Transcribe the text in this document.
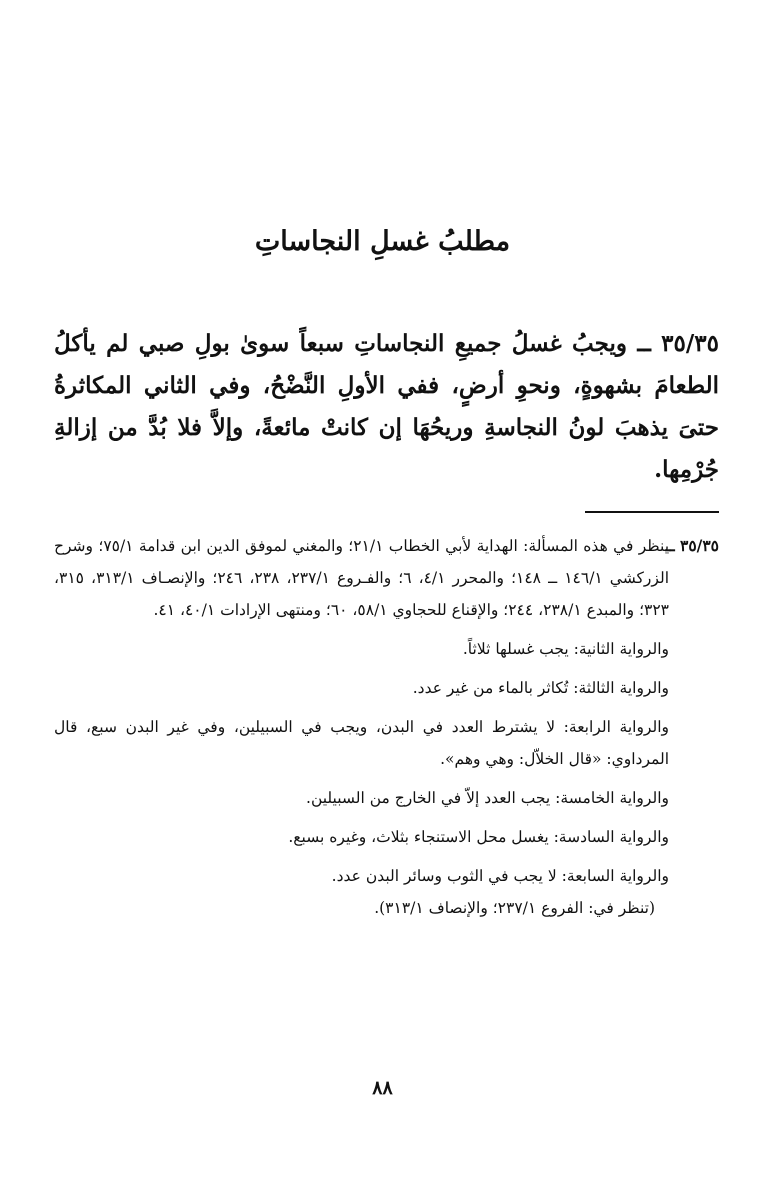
مطلبُ غسلِ النجاساتِ

٣٥/٣٥ ــ ويجبُ غسلُ جميعِ النجاساتِ سبعاً سوىٰ بولِ صبي لم يأكلُ الطعامَ بشهوةٍ، ونحوِ أرضٍ، ففي الأولِ النَّضْحُ، وفي الثاني المكاثرةُ حتىَ يذهبَ لونُ النجاسةِ وريحُهَا إن كانتْ مائعةً، وإلاَّ فلا بُدَّ من إزالةِ جُرْمِها.

٣٥/٣٥ ــ
ينظر في هذه المسألة: الهداية لأبي الخطاب ٢١/١؛ والمغني لموفق الدين ابن قدامة ٧٥/١؛ وشرح الزركشي ١٤٦/١ ــ ١٤٨؛ والمحرر ٤/١، ٦؛ والفـروع ٢٣٧/١، ٢٣٨، ٢٤٦؛ والإنصـاف ٣١٣/١، ٣١٥، ٣٢٣؛ والمبدع ٢٣٨/١، ٢٤٤؛ والإقناع للحجاوي ٥٨/١، ٦٠؛ ومنتهى الإرادات ٤٠/١، ٤١.

والرواية الثانية: يجب غسلها ثلاثاً.

والرواية الثالثة: تُكاثر بالماء من غير عدد.

والرواية الرابعة: لا يشترط العدد في البدن، ويجب في السبيلين، وفي غير البدن سبع، قال المرداوي: «قال الخلاّل: وهي وهم».

والرواية الخامسة: يجب العدد إلاّ في الخارج من السبيلين.

والرواية السادسة: يغسل محل الاستنجاء بثلاث، وغيره بسبع.

والرواية السابعة: لا يجب في الثوب وسائر البدن عدد.

(تنظر في: الفروع ٢٣٧/١؛ والإنصاف ٣١٣/١).

٨٨
